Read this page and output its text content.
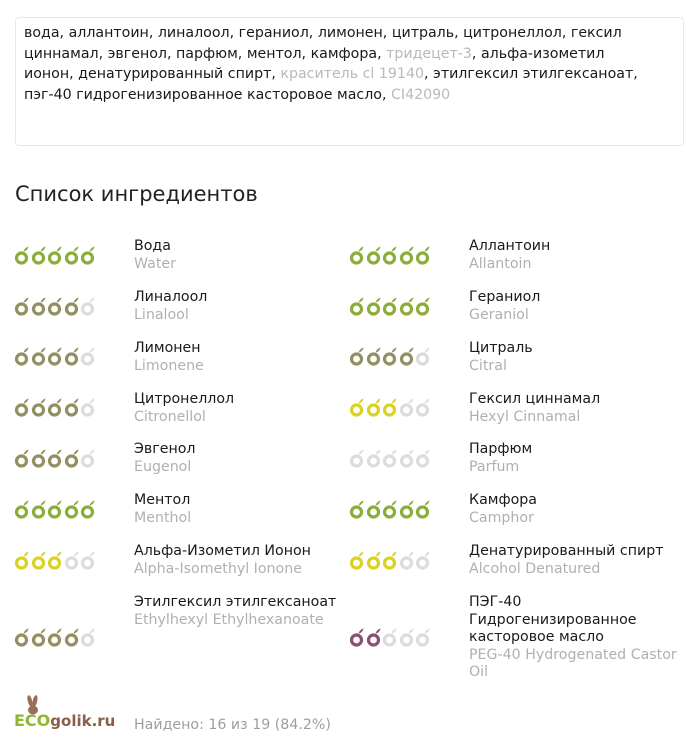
вода, аллантоин, линалоол, гераниол, лимонен, цитраль, цитронеллол, гексил циннамал, эвгенол, парфюм, ментол, камфора, тридецет-3, альфа-изометил ионон, денатурированный спирт, краситель cl 19140, этилгексил этилгексаноат, пэг-40 гидрогенизированное касторовое масло, CI42090
Список ингредиентов
Вода
Water
Аллантоин
Allantoin
Линалоол
Linalool
Гераниол
Geraniol
Лимонен
Limonene
Цитраль
Citral
Цитронеллол
Citronellol
Гексил циннамал
Hexyl Cinnamal
Эвгенол
Eugenol
Парфюм
Parfum
Ментол
Menthol
Камфора
Camphor
Альфа-Изометил Ионон
Alpha-Isomethyl Ionone
Денатурированный спирт
Alcohol Denatured
Этилгексил этилгексаноат
Ethylhexyl Ethylhexanoate
ПЭГ-40 Гидрогенизированное касторовое масло
PEG-40 Hydrogenated Castor Oil
ECOgolik.ru Найдено: 16 из 19 (84.2%)
